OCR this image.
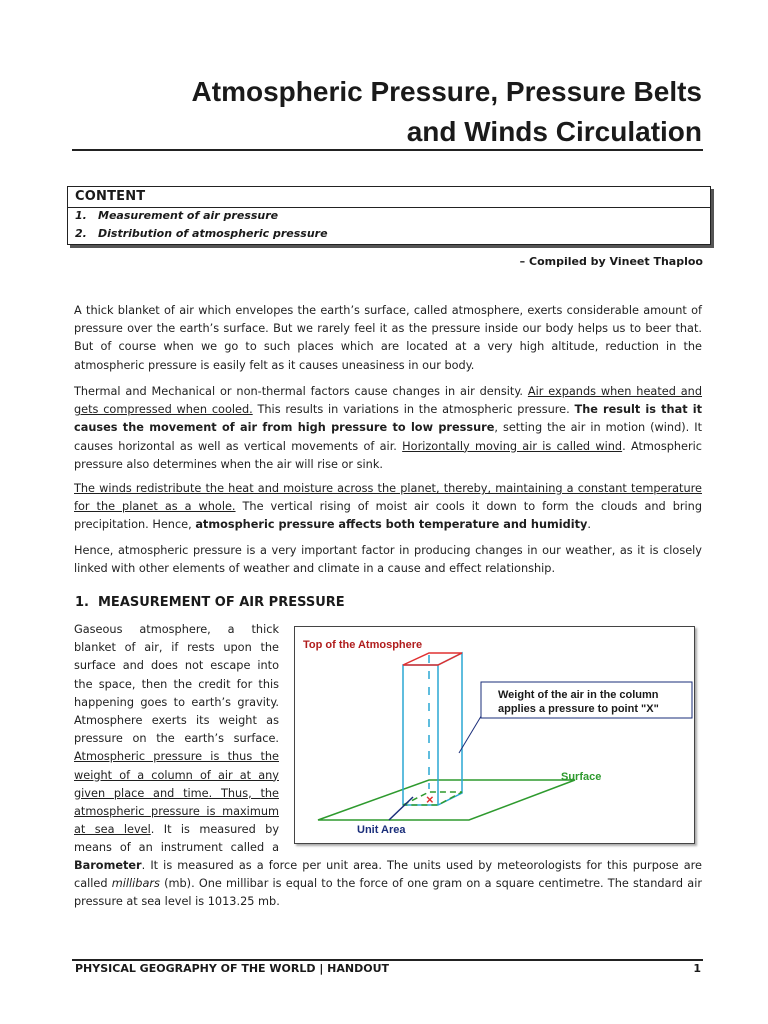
Atmospheric Pressure, Pressure Belts
and Winds Circulation
CONTENT
1. Measurement of air pressure
2. Distribution of atmospheric pressure
– Compiled by Vineet Thaploo
A thick blanket of air which envelopes the earth’s surface, called atmosphere, exerts considerable amount of pressure over the earth’s surface. But we rarely feel it as the pressure inside our body helps us to beer that. But of course when we go to such places which are located at a very high altitude, reduction in the atmospheric pressure is easily felt as it causes uneasiness in our body.
Thermal and Mechanical or non-thermal factors cause changes in air density. Air expands when heated and gets compressed when cooled. This results in variations in the atmospheric pressure. The result is that it causes the movement of air from high pressure to low pressure, setting the air in motion (wind). It causes horizontal as well as vertical movements of air. Horizontally moving air is called wind. Atmospheric pressure also determines when the air will rise or sink.
The winds redistribute the heat and moisture across the planet, thereby, maintaining a constant temperature for the planet as a whole. The vertical rising of moist air cools it down to form the clouds and bring precipitation. Hence, atmospheric pressure affects both temperature and humidity.
Hence, atmospheric pressure is a very important factor in producing changes in our weather, as it is closely linked with other elements of weather and climate in a cause and effect relationship.
1. MEASUREMENT OF AIR PRESSURE
Gaseous atmosphere, a thick
blanket of air, if rests upon the
surface and does not escape into
the space, then the credit for this
happening goes to earth’s gravity.
Atmosphere exerts its weight as
pressure on the earth’s surface.
Atmospheric pressure is thus the
weight of a column of air at any
given place and time. Thus, the
atmospheric pressure is maximum
at sea level. It is measured by
means of an instrument called a
Barometer. It is measured as a force per unit area. The units used by meteorologists for this purpose are called millibars (mb). One millibar is equal to the force of one gram on a square centimetre. The standard air pressure at sea level is 1013.25 mb.
×
Top of the Atmosphere
Weight of the air in the column
applies a pressure to point "X"
Surface
Unit Area
PHYSICAL GEOGRAPHY OF THE WORLD | HANDOUT	1
